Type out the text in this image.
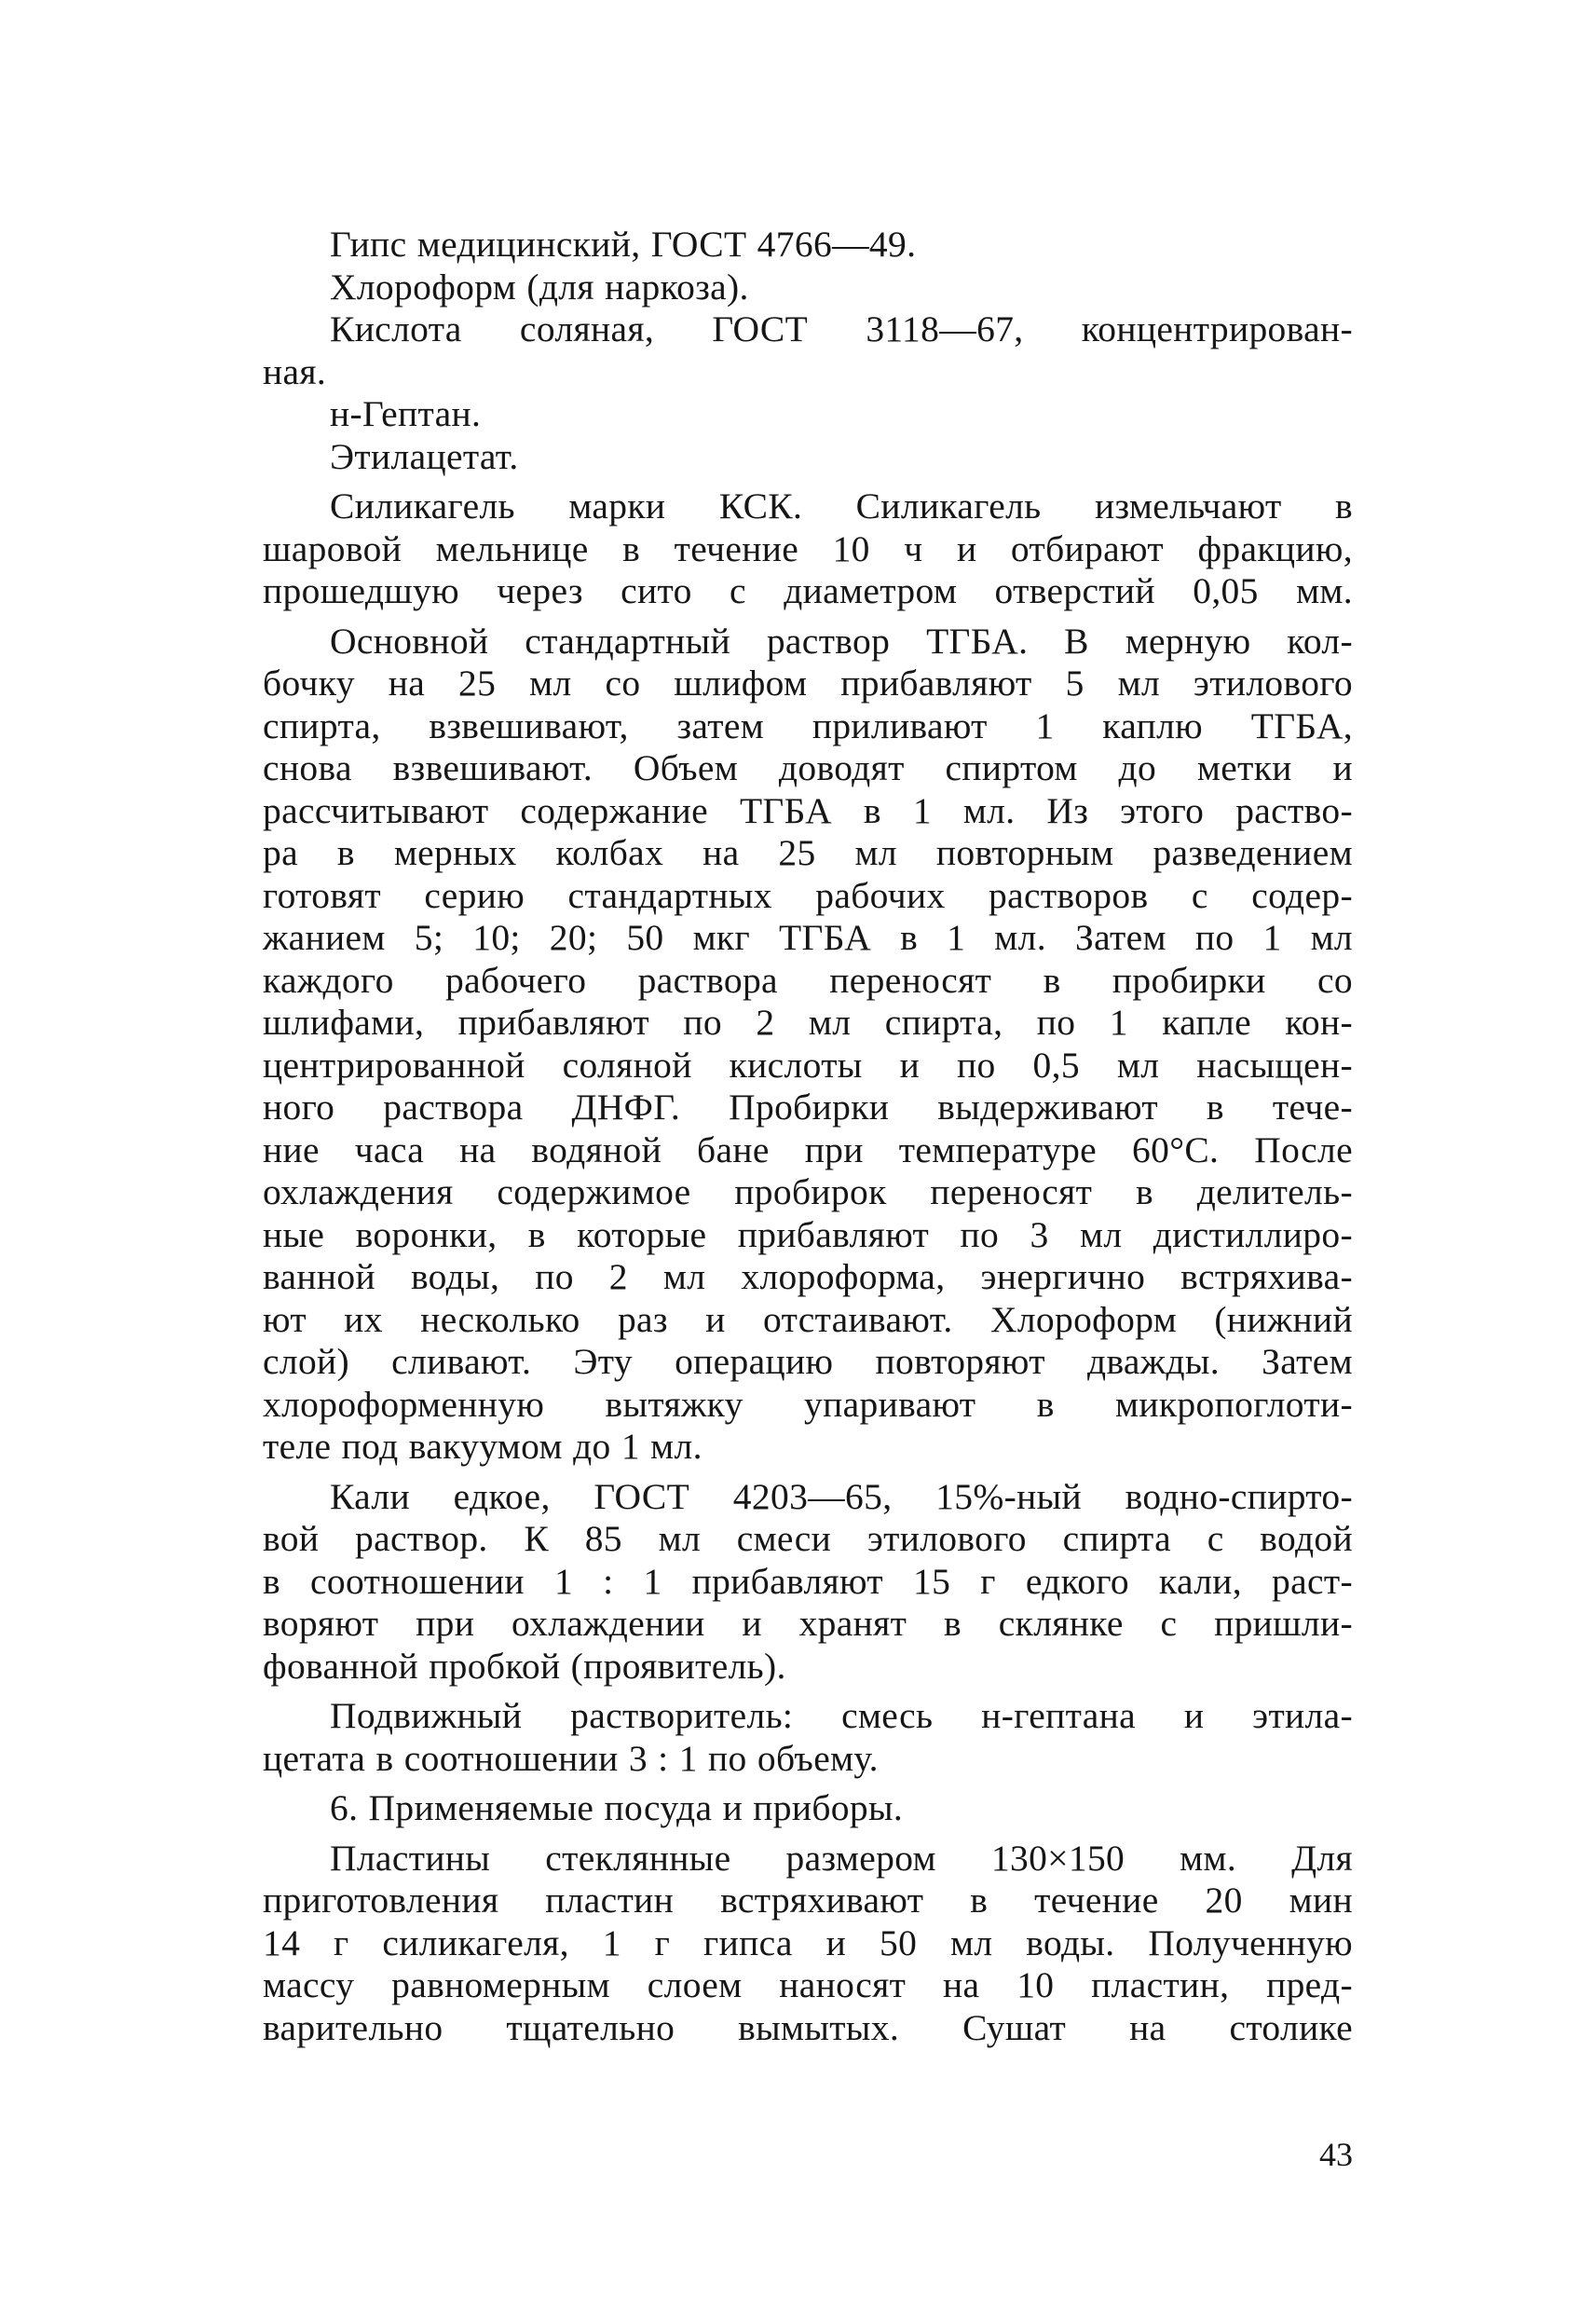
Гипс медицинский, ГОСТ 4766—49.
Хлороформ (для наркоза).
Кислота соляная, ГОСТ 3118—67, концентрирован-
ная.
н-Гептан.
Этилацетат.
Силикагель марки КСК. Силикагель измельчают в
шаровой мельнице в течение 10 ч и отбирают фракцию,
прошедшую через сито с диаметром отверстий 0,05 мм.
Основной стандартный раствор ТГБА. В мерную кол-
бочку на 25 мл со шлифом прибавляют 5 мл этилового
спирта, взвешивают, затем приливают 1 каплю ТГБА,
снова взвешивают. Объем доводят спиртом до метки и
рассчитывают содержание ТГБА в 1 мл. Из этого раство-
ра в мерных колбах на 25 мл повторным разведением
готовят серию стандартных рабочих растворов с содер-
жанием 5; 10; 20; 50 мкг ТГБА в 1 мл. Затем по 1 мл
каждого рабочего раствора переносят в пробирки со
шлифами, прибавляют по 2 мл спирта, по 1 капле кон-
центрированной соляной кислоты и по 0,5 мл насыщен-
ного раствора ДНФГ. Пробирки выдерживают в тече-
ние часа на водяной бане при температуре 60°С. После
охлаждения содержимое пробирок переносят в делитель-
ные воронки, в которые прибавляют по 3 мл дистиллиро-
ванной воды, по 2 мл хлороформа, энергично встряхива-
ют их несколько раз и отстаивают. Хлороформ (нижний
слой) сливают. Эту операцию повторяют дважды. Затем
хлороформенную вытяжку упаривают в микропоглоти-
теле под вакуумом до 1 мл.
Кали едкое, ГОСТ 4203—65, 15%-ный водно-спирто-
вой раствор. К 85 мл смеси этилового спирта с водой
в соотношении 1 : 1 прибавляют 15 г едкого кали, раст-
воряют при охлаждении и хранят в склянке с пришли-
фованной пробкой (проявитель).
Подвижный растворитель: смесь н-гептана и этила-
цетата в соотношении 3 : 1 по объему.
6. Применяемые посуда и приборы.
Пластины стеклянные размером 130×150 мм. Для
приготовления пластин встряхивают в течение 20 мин
14 г силикагеля, 1 г гипса и 50 мл воды. Полученную
массу равномерным слоем наносят на 10 пластин, пред-
варительно тщательно вымытых. Сушат на столике
43
